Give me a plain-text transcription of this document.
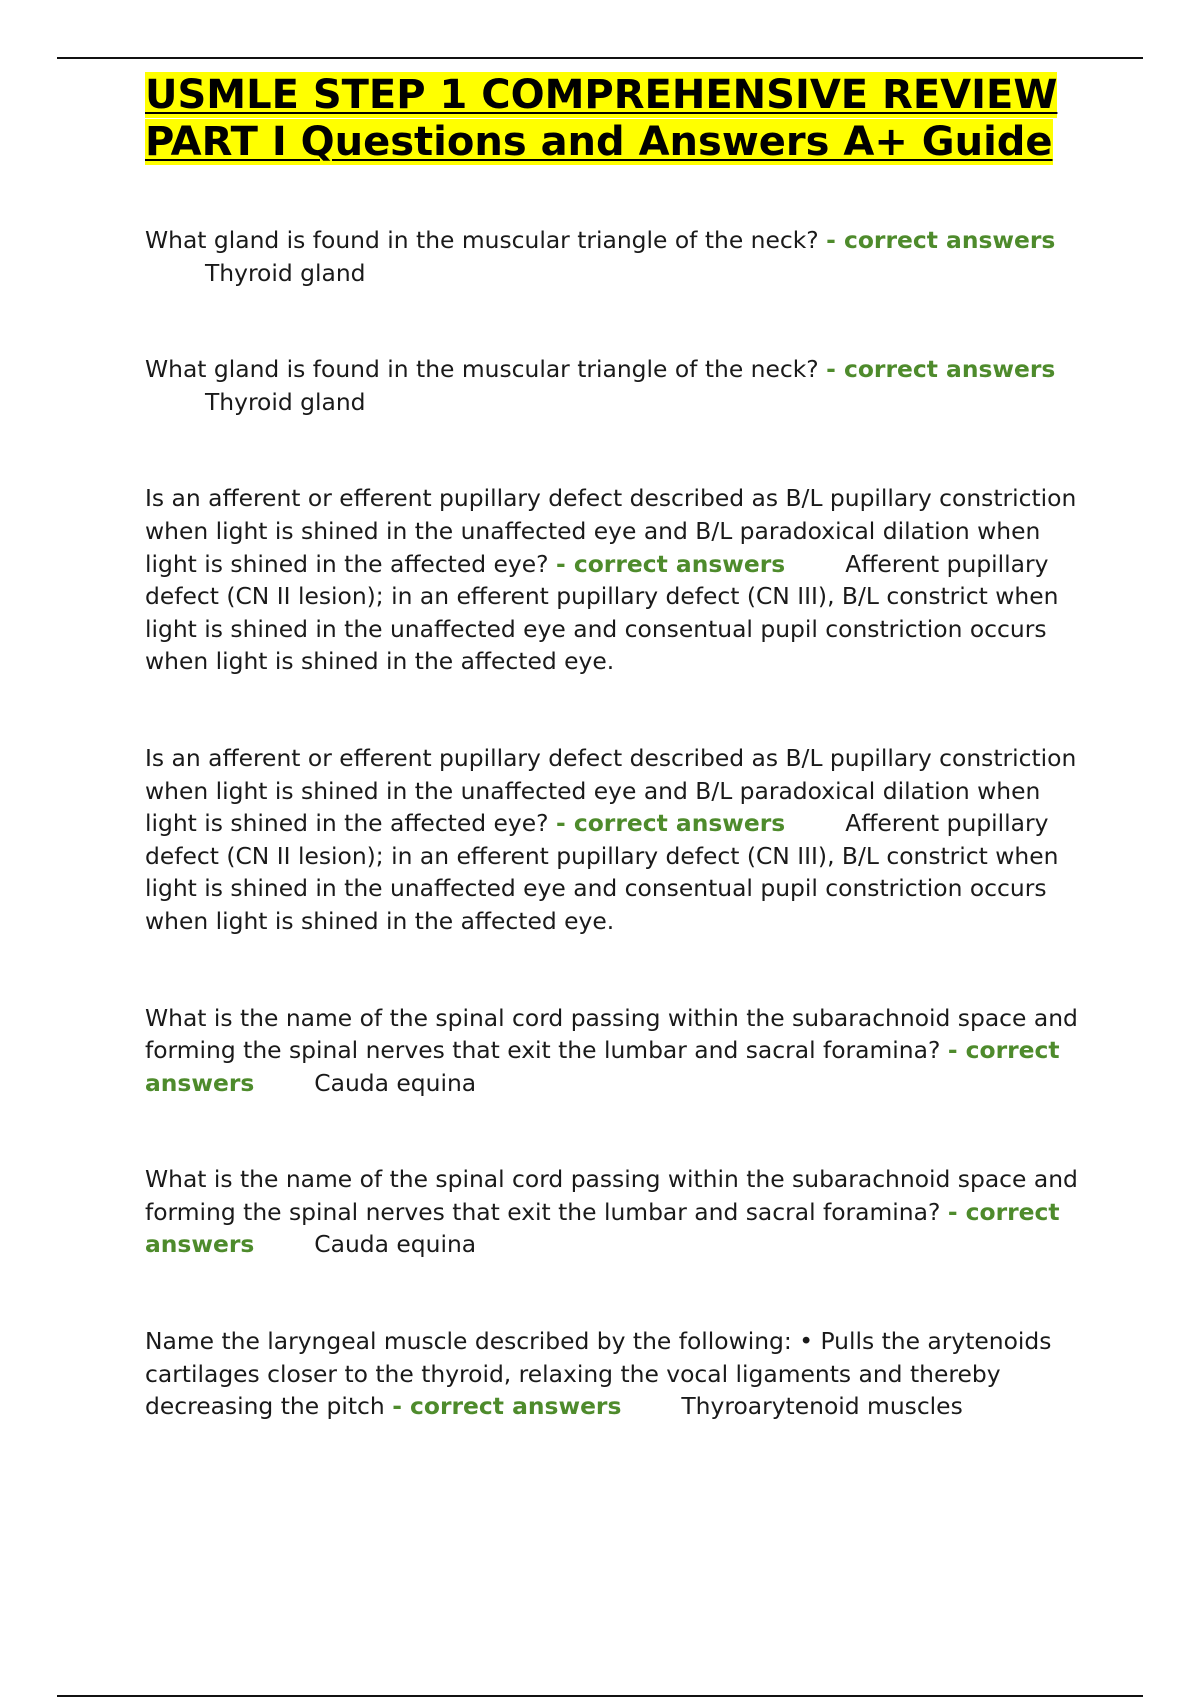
USMLE STEP 1 COMPREHENSIVE REVIEW
PART I Questions and Answers A+ Guide

What gland is found in the muscular triangle of the neck? - correct answersThyroid gland

What gland is found in the muscular triangle of the neck? - correct answersThyroid gland

Is an afferent or efferent pupillary defect described as B/L pupillary constriction when light is shined in the unaffected eye and B/L paradoxical dilation when light is shined in the affected eye? - correct answers	Afferent pupillary defect (CN II lesion); in an efferent pupillary defect (CN III), B/L constrict when light is shined in the unaffected eye and consentual pupil constriction occurs when light is shined in the affected eye.

Is an afferent or efferent pupillary defect described as B/L pupillary constriction when light is shined in the unaffected eye and B/L paradoxical dilation when light is shined in the affected eye? - correct answers	Afferent pupillary defect (CN II lesion); in an efferent pupillary defect (CN III), B/L constrict when light is shined in the unaffected eye and consentual pupil constriction occurs when light is shined in the affected eye.

What is the name of the spinal cord passing within the subarachnoid space and forming the spinal nerves that exit the lumbar and sacral foramina? - correct answers	Cauda equina

What is the name of the spinal cord passing within the subarachnoid space and forming the spinal nerves that exit the lumbar and sacral foramina? - correct answers	Cauda equina

Name the laryngeal muscle described by the following: • Pulls the arytenoids cartilages closer to the thyroid, relaxing the vocal ligaments and thereby decreasing the pitch - correct answers	Thyroarytenoid muscles
